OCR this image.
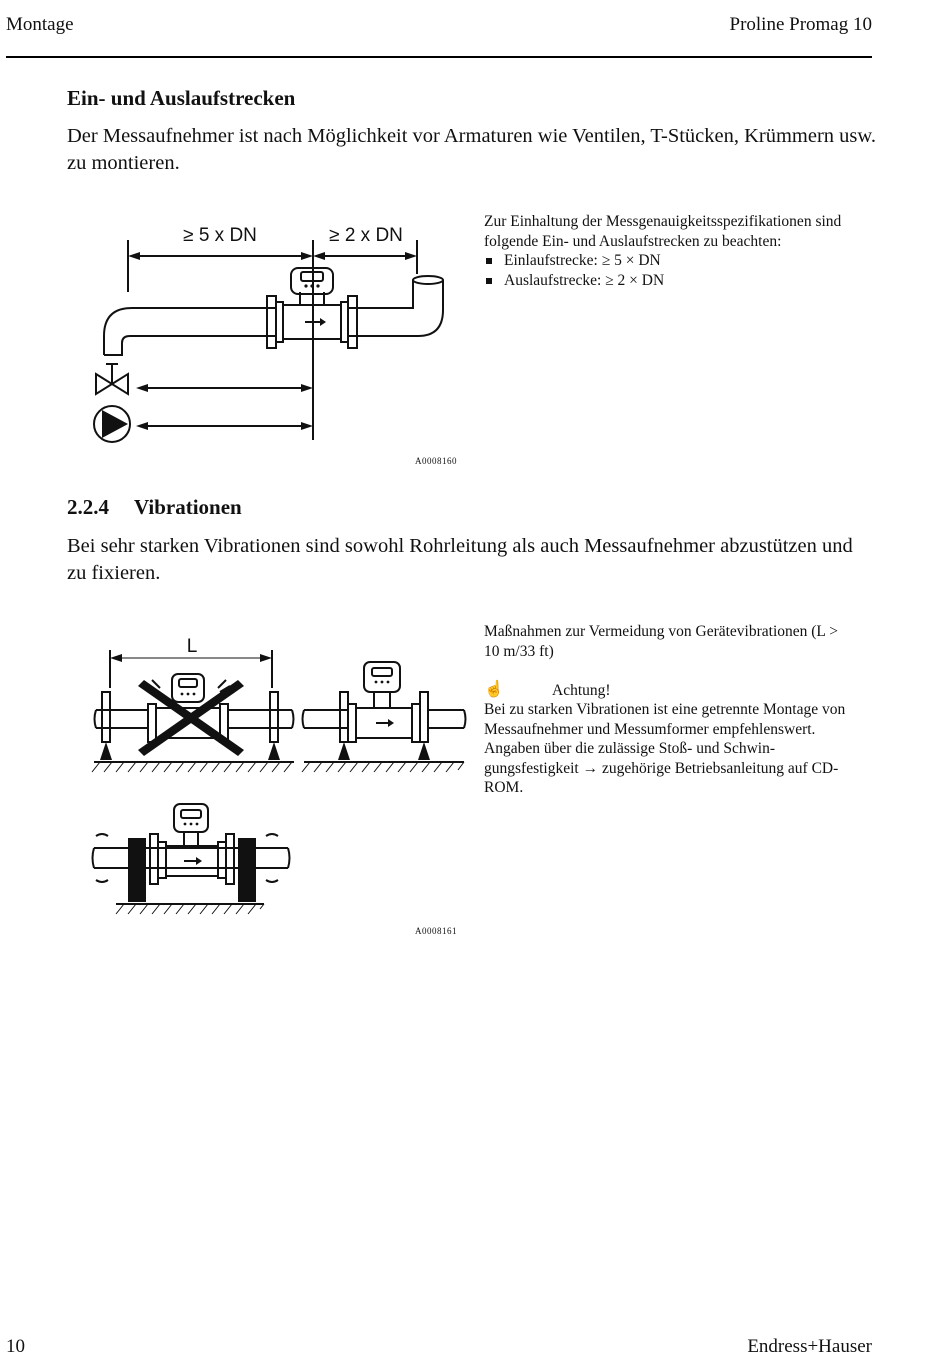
Montage	Proline Promag 10
Ein- und Auslaufstrecken
Der Messaufnehmer ist nach Möglichkeit vor Armaturen wie Ventilen, T-Stücken, Krümmern usw. zu montieren.
Zur Einhaltung der Messgenauigkeitsspezifikationen sind folgende Ein- und Auslaufstrecken zu beachten:
Einlaufstrecke: ≥ 5 × DN
Auslaufstrecke: ≥ 2 × DN
≥ 5 x DN	≥ 2 x DN
A0008160
2.2.4 Vibrationen
Bei sehr starken Vibrationen sind sowohl Rohrleitung als auch Messaufnehmer abzustützen und zu fixieren.
Maßnahmen zur Vermeidung von Gerätevibrationen (L > 10 m/33 ft)
☝	Achtung!
Bei zu starken Vibrationen ist eine getrennte Montage von Messaufnehmer und Messumformer empfehlenswert. Angaben über die zulässige Stoß- und Schwingungsfestigkeit → zugehörige Betriebsanleitung auf CD-ROM.
L
A0008161
10	Endress+Hauser
